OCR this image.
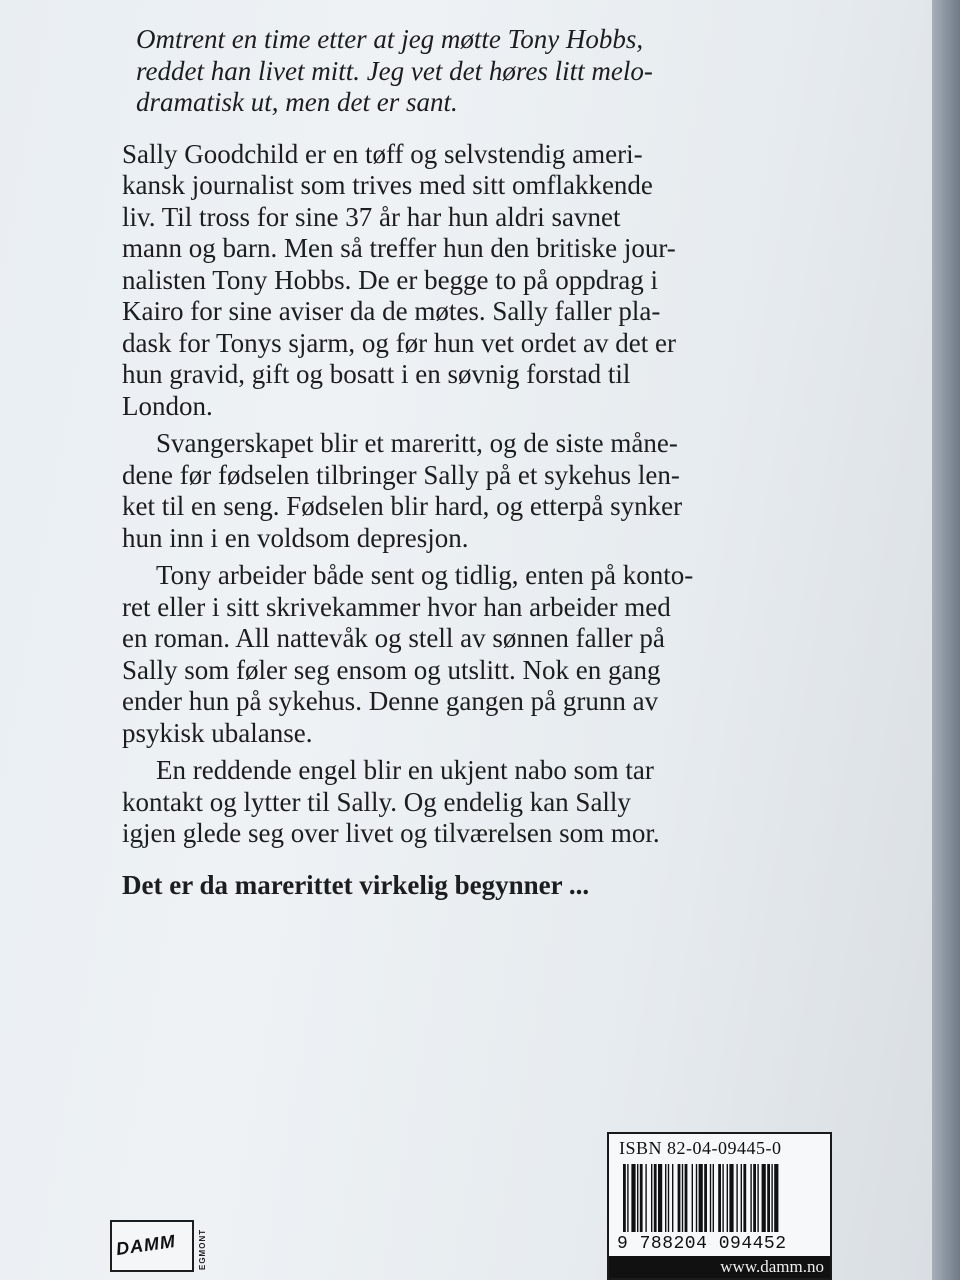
Omtrent en time etter at jeg møtte Tony Hobbs,
reddet han livet mitt. Jeg vet det høres litt melo-
dramatisk ut, men det er sant.

Sally Goodchild er en tøff og selvstendig ameri-
kansk journalist som trives med sitt omflakkende
liv. Til tross for sine 37 år har hun aldri savnet
mann og barn. Men så treffer hun den britiske jour-
nalisten Tony Hobbs. De er begge to på oppdrag i
Kairo for sine aviser da de møtes. Sally faller pla-
dask for Tonys sjarm, og før hun vet ordet av det er
hun gravid, gift og bosatt i en søvnig forstad til
London.

Svangerskapet blir et mareritt, og de siste måne-
dene før fødselen tilbringer Sally på et sykehus len-
ket til en seng. Fødselen blir hard, og etterpå synker
hun inn i en voldsom depresjon.

Tony arbeider både sent og tidlig, enten på konto-
ret eller i sitt skrivekammer hvor han arbeider med
en roman. All nattevåk og stell av sønnen faller på
Sally som føler seg ensom og utslitt. Nok en gang
ender hun på sykehus. Denne gangen på grunn av
psykisk ubalanse.

En reddende engel blir en ukjent nabo som tar
kontakt og lytter til Sally. Og endelig kan Sally
igjen glede seg over livet og tilværelsen som mor.

Det er da marerittet virkelig begynner ...

DAMM	EGMONT
ISBN 82-04-09445-0
9 788204 094452
www.damm.no
